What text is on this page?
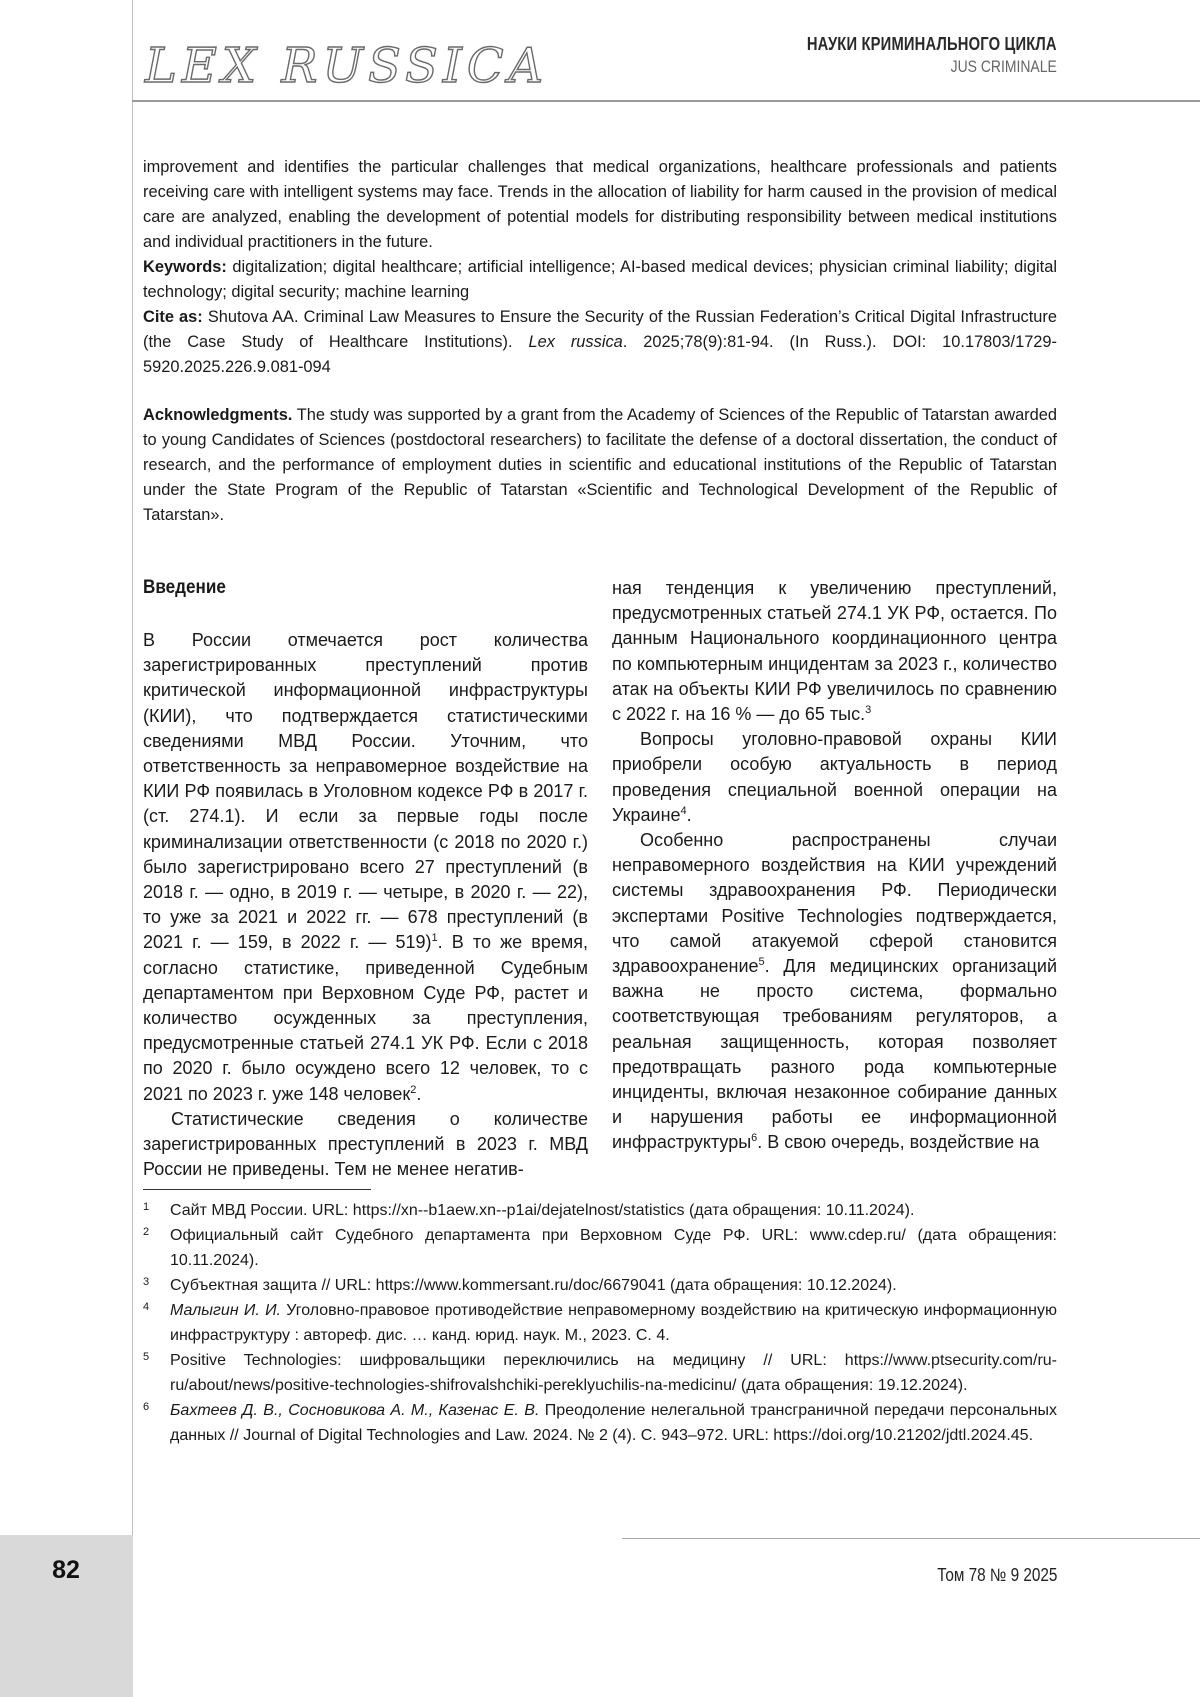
82
LEX RUSSICA	НАУКИ КРИМИНАЛЬНОГО ЦИКЛА
JUS CRIMINALE

improvement and identifies the particular challenges that medical organizations, healthcare professionals and patients receiving care with intelligent systems may face. Trends in the allocation of liability for harm caused in the provision of medical care are analyzed, enabling the development of potential models for distributing responsibility between medical institutions and individual practitioners in the future.

Keywords: digitalization; digital healthcare; artificial intelligence; AI-based medical devices; physician criminal liability; digital technology; digital security; machine learning

Cite as: Shutova AA. Criminal Law Measures to Ensure the Security of the Russian Federation’s Critical Digital Infrastructure (the Case Study of Healthcare Institutions). Lex russica. 2025;78(9):81-94. (In Russ.). DOI: 10.17803/1729-5920.2025.226.9.081-094

Acknowledgments. The study was supported by a grant from the Academy of Sciences of the Republic of Tatarstan awarded to young Candidates of Sciences (postdoctoral researchers) to facilitate the defense of a doctoral dissertation, the conduct of research, and the performance of employment duties in scientific and educational institutions of the Republic of Tatarstan under the State Program of the Republic of Tatarstan «Scientific and Technological Development of the Republic of Tatarstan».

Введение

В России отмечается рост количества зарегистрированных преступлений против критической информационной инфраструктуры (КИИ), что подтверждается статистическими сведениями МВД России. Уточним, что ответственность за неправомерное воздействие на КИИ РФ появилась в Уголовном кодексе РФ в 2017 г. (ст. 274.1). И если за первые годы после криминализации ответственности (с 2018 по 2020 г.) было зарегистрировано всего 27 преступлений (в 2018 г. — одно, в 2019 г. — четыре, в 2020 г. — 22), то уже за 2021 и 2022 гг. — 678 преступлений (в 2021 г. — 159, в 2022 г. — 519)$^1$. В то же время, согласно статистике, приведенной Судебным департаментом при Верховном Суде РФ, растет и количество осужденных за преступления, предусмотренные статьей 274.1 УК РФ. Если с 2018 по 2020 г. было осуждено всего 12 человек, то с 2021 по 2023 г. уже 148 человек$^2$.

Статистические сведения о количестве зарегистрированных преступлений в 2023 г. МВД России не приведены. Тем не менее негатив-

ная тенденция к увеличению преступлений, предусмотренных статьей 274.1 УК РФ, остается. По данным Национального координационного центра по компьютерным инцидентам за 2023 г., количество атак на объекты КИИ РФ увеличилось по сравнению с 2022 г. на 16 % — до 65 тыс.$^3$

Вопросы уголовно-правовой охраны КИИ приобрели особую актуальность в период проведения специальной военной операции на Украине$^4$.

Особенно распространены случаи неправомерного воздействия на КИИ учреждений системы здравоохранения РФ. Периодически экспертами Positive Technologies подтверждается, что самой атакуемой сферой становится здравоохранение$^5$. Для медицинских организаций важна не просто система, формально соответствующая требованиям регуляторов, а реальная защищенность, которая позволяет предотвращать разного рода компьютерные инциденты, включая незаконное собирание данных и нарушения работы ее информационной инфраструктуры$^6$. В свою очередь, воздействие на

1 Сайт МВД России. URL: https://xn--b1aew.xn--p1ai/dejatelnost/statistics (дата обращения: 10.11.2024).
2 Официальный сайт Судебного департамента при Верховном Суде РФ. URL: www.cdep.ru/ (дата обращения: 10.11.2024).
3 Субъектная защита // URL: https://www.kommersant.ru/doc/6679041 (дата обращения: 10.12.2024).
4 Малыгин И. И. Уголовно-правовое противодействие неправомерному воздействию на критическую информационную инфраструктуру : автореф. дис. … канд. юрид. наук. М., 2023. С. 4.
5 Positive Technologies: шифровальщики переключились на медицину // URL: https://www.ptsecurity.com/ru-ru/about/news/positive-technologies-shifrovalshchiki-pereklyuchilis-na-medicinu/ (дата обращения: 19.12.2024).
6 Бахтеев Д. В., Сосновикова А. М., Казенас Е. В. Преодоление нелегальной трансграничной передачи персональных данных // Journal of Digital Technologies and Law. 2024. № 2 (4). С. 943–972. URL: https://doi.org/10.21202/jdtl.2024.45.
Том 78 № 9 2025
